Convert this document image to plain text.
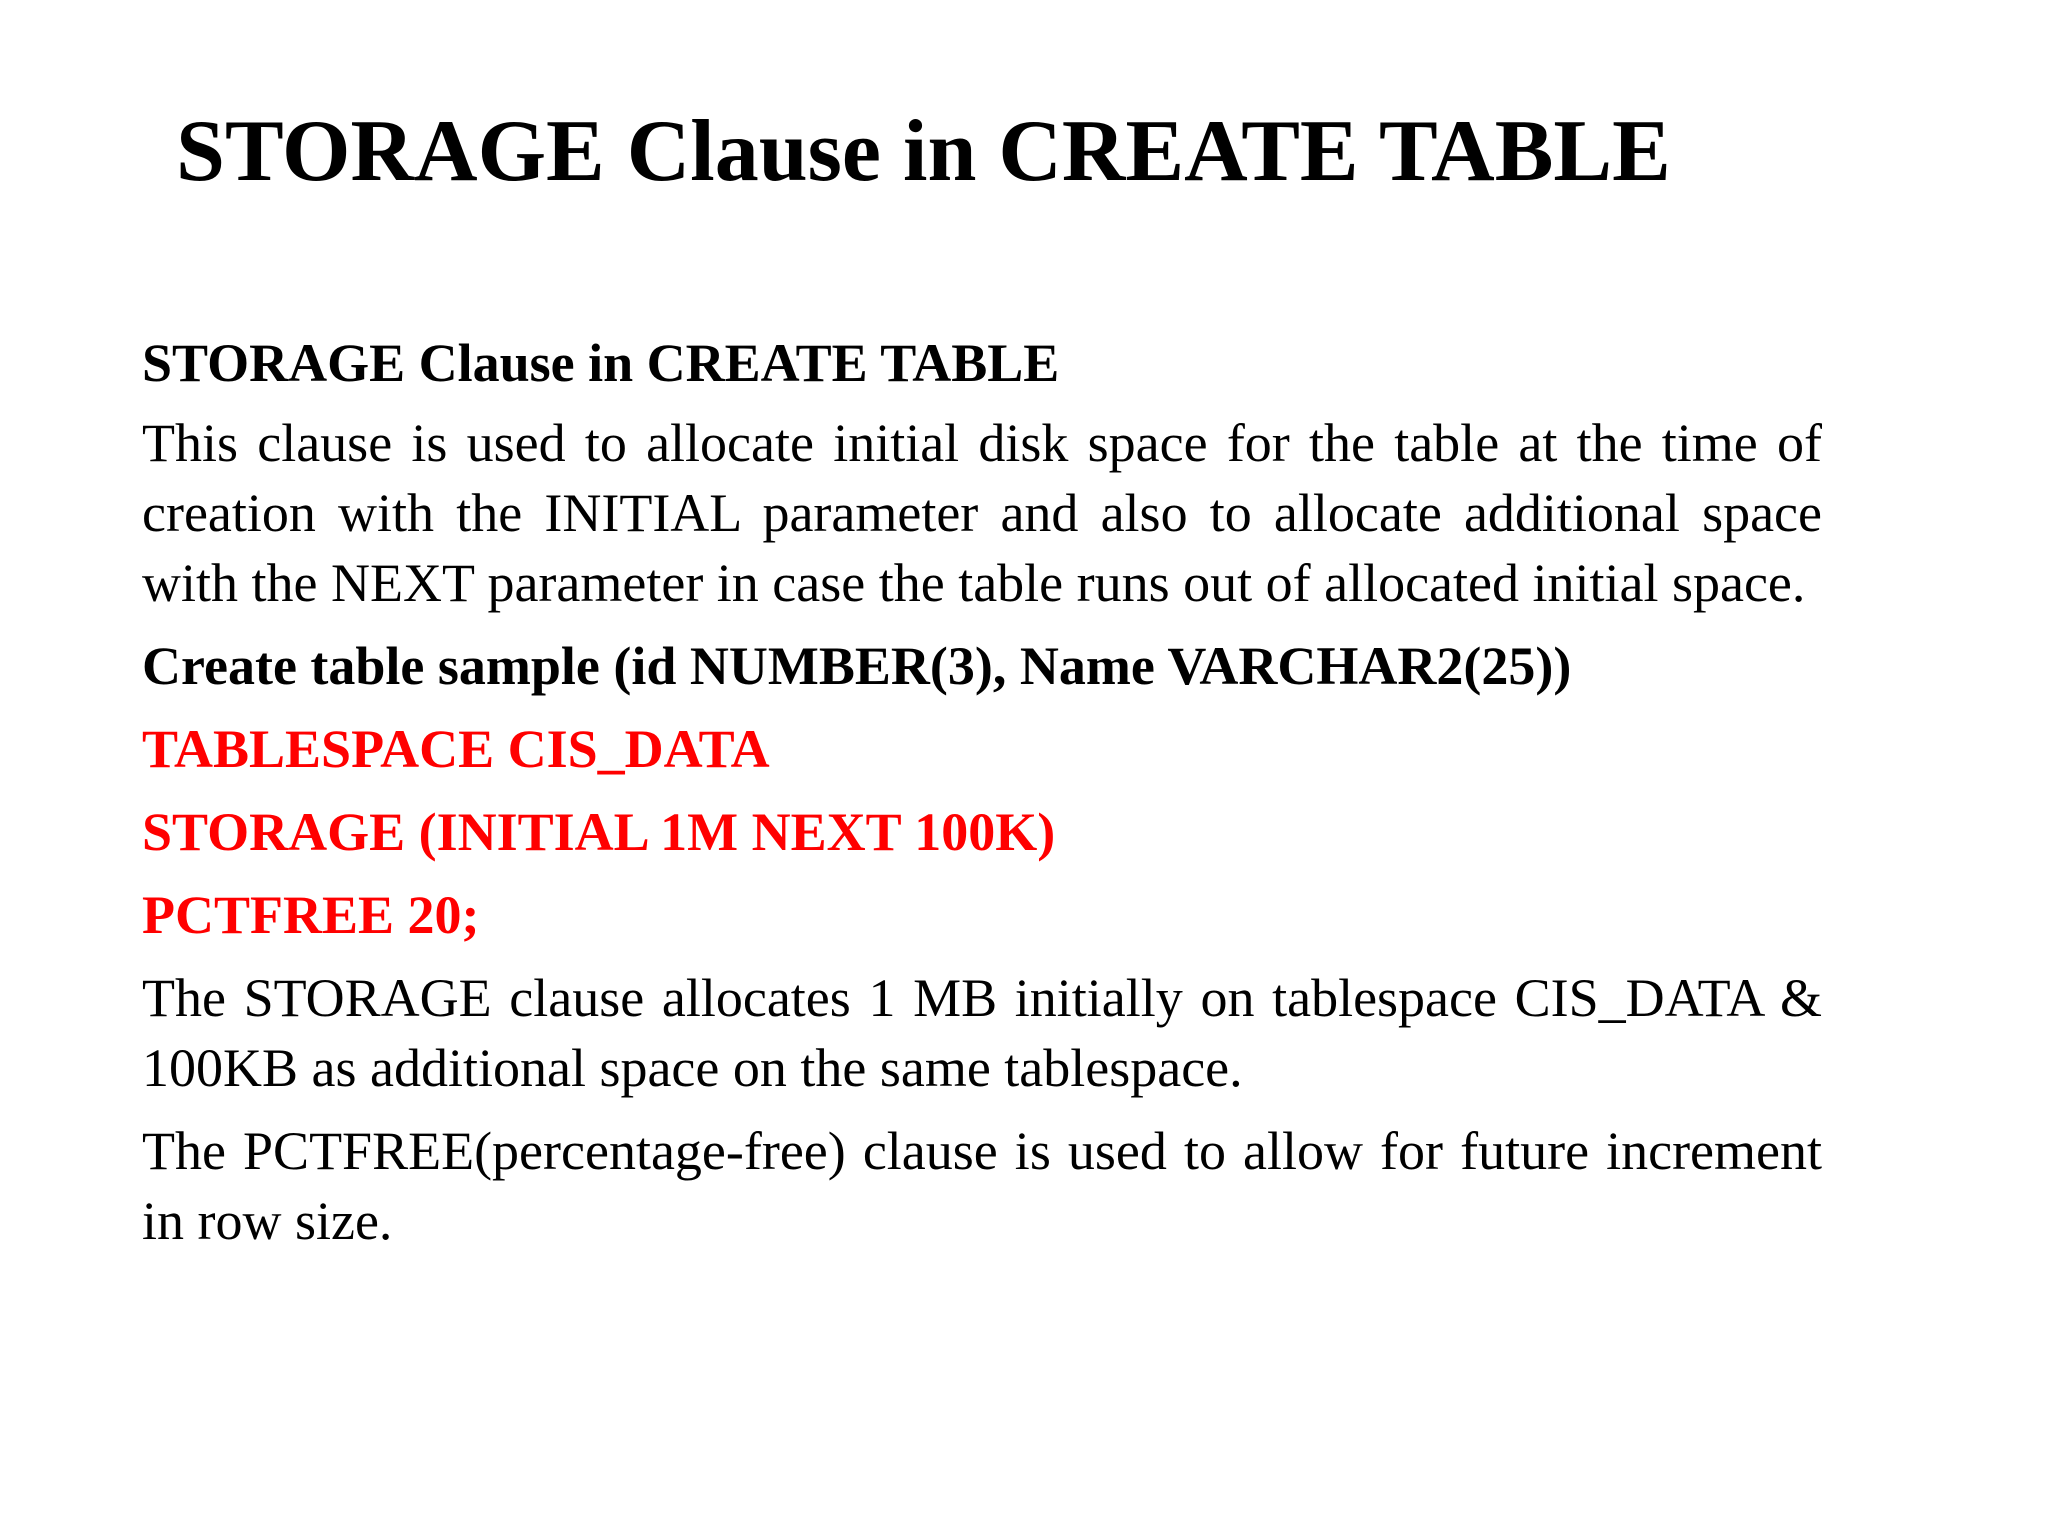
STORAGE Clause in CREATE TABLE

STORAGE Clause in CREATE TABLE

This clause is used to allocate initial disk space for the table at the time of creation with the INITIAL parameter and also to allocate additional space with the NEXT parameter in case the table runs out of allocated initial space.

Create table sample (id NUMBER(3), Name VARCHAR2(25))

TABLESPACE CIS_DATA

STORAGE (INITIAL 1M NEXT 100K)

PCTFREE 20;

The STORAGE clause allocates 1 MB initially on tablespace CIS_DATA & 100KB as additional space on the same tablespace.

The PCTFREE(percentage-free) clause is used to allow for future increment in row size.
